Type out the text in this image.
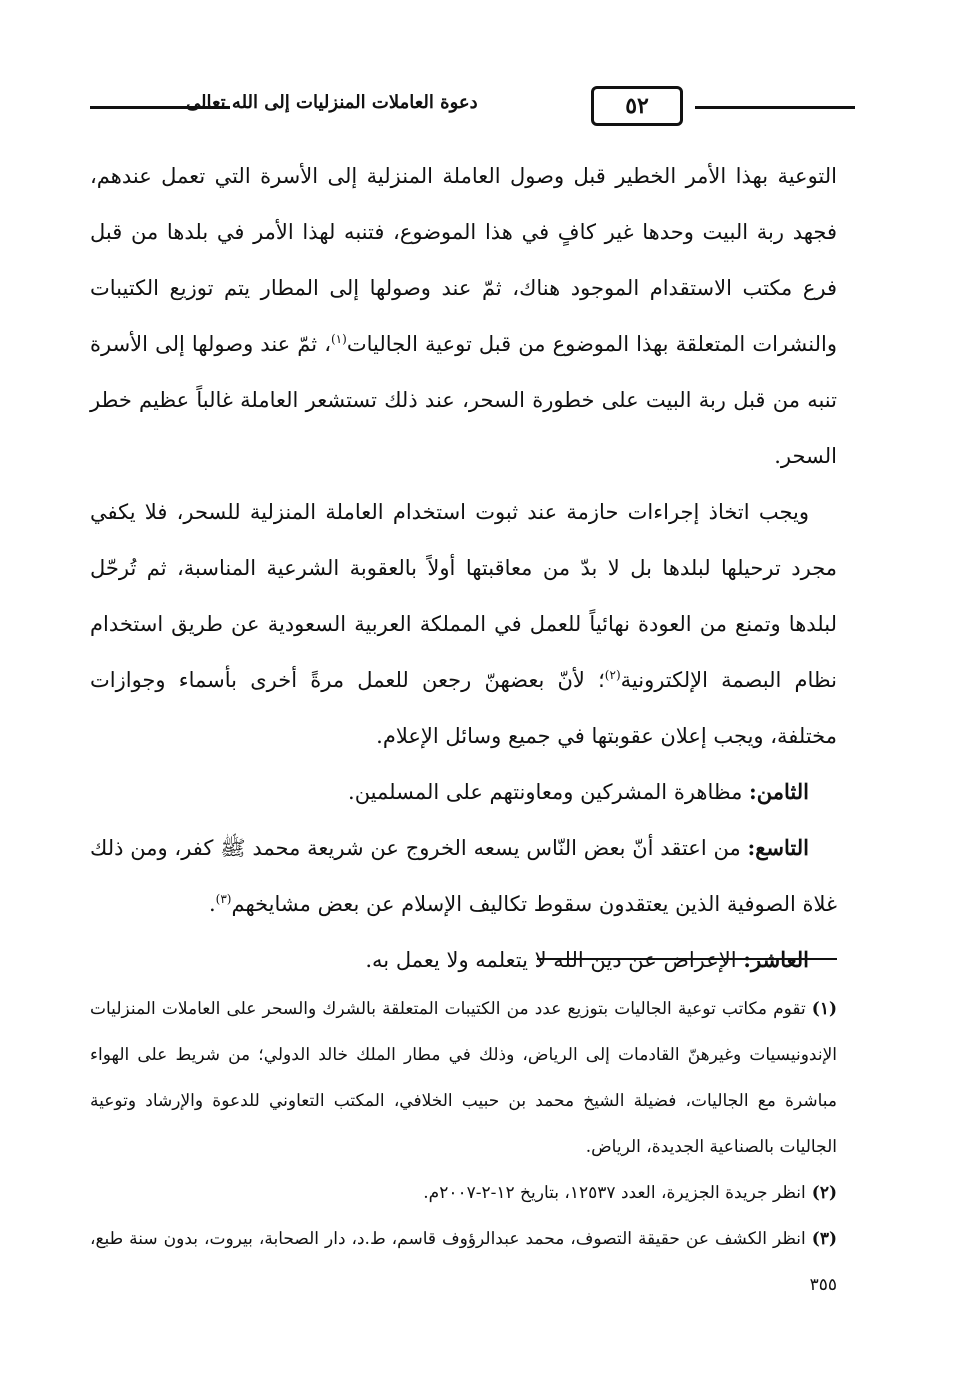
٥٢
دعوة العاملات المنزليات إلى الله تعالى

التوعية بهذا الأمر الخطير قبل وصول العاملة المنزلية إلى الأسرة التي تعمل عندهم، فجهد ربة البيت وحدها غير كافٍ في هذا الموضوع، فتنبه لهذا الأمر في بلدها من قبل فرع مكتب الاستقدام الموجود هناك، ثمّ عند وصولها إلى المطار يتم توزيع الكتيبات والنشرات المتعلقة بهذا الموضوع من قبل توعية الجاليات$^{(١)}$، ثمّ عند وصولها إلى الأسرة تنبه من قبل ربة البيت على خطورة السحر، عند ذلك تستشعر العاملة غالباً عظيم خطر السحر.

ويجب اتخاذ إجراءات حازمة عند ثبوت استخدام العاملة المنزلية للسحر، فلا يكفي مجرد ترحيلها لبلدها بل لا بدّ من معاقبتها أولاً بالعقوبة الشرعية المناسبة، ثم تُرحّل لبلدها وتمنع من العودة نهائياً للعمل في المملكة العربية السعودية عن طريق استخدام نظام البصمة الإلكترونية$^{(٢)}$؛ لأنّ بعضهنّ رجعن للعمل مرةً أخرى بأسماء وجوازات مختلفة، ويجب إعلان عقوبتها في جميع وسائل الإعلام.

الثامن: مظاهرة المشركين ومعاونتهم على المسلمين.

التاسع: من اعتقد أنّ بعض النّاس يسعه الخروج عن شريعة محمد ﷺ كفر، ومن ذلك غلاة الصوفية الذين يعتقدون سقوط تكاليف الإسلام عن بعض مشايخهم$^{(٣)}$.

العاشر: الإعراض عن دين الله لا يتعلمه ولا يعمل به.

(١)تقوم مكاتب توعية الجاليات بتوزيع عدد من الكتيبات المتعلقة بالشرك والسحر على العاملات المنزليات الإندونيسيات وغيرهنّ القادمات إلى الرياض، وذلك في مطار الملك خالد الدولي؛ من شريط على الهواء مباشرة مع الجاليات، فضيلة الشيخ محمد بن حبيب الخلافي، المكتب التعاوني للدعوة والإرشاد وتوعية الجاليات بالصناعية الجديدة، الرياض.

(٢)انظر جريدة الجزيرة، العدد ١٢٥٣٧، بتاريخ ١٢-٢-٢٠٠٧م.

(٣)انظر الكشف عن حقيقة التصوف، محمد عبدالرؤوف قاسم، ط.د، دار الصحابة، بيروت، بدون سنة طبع، ٣٥٥
